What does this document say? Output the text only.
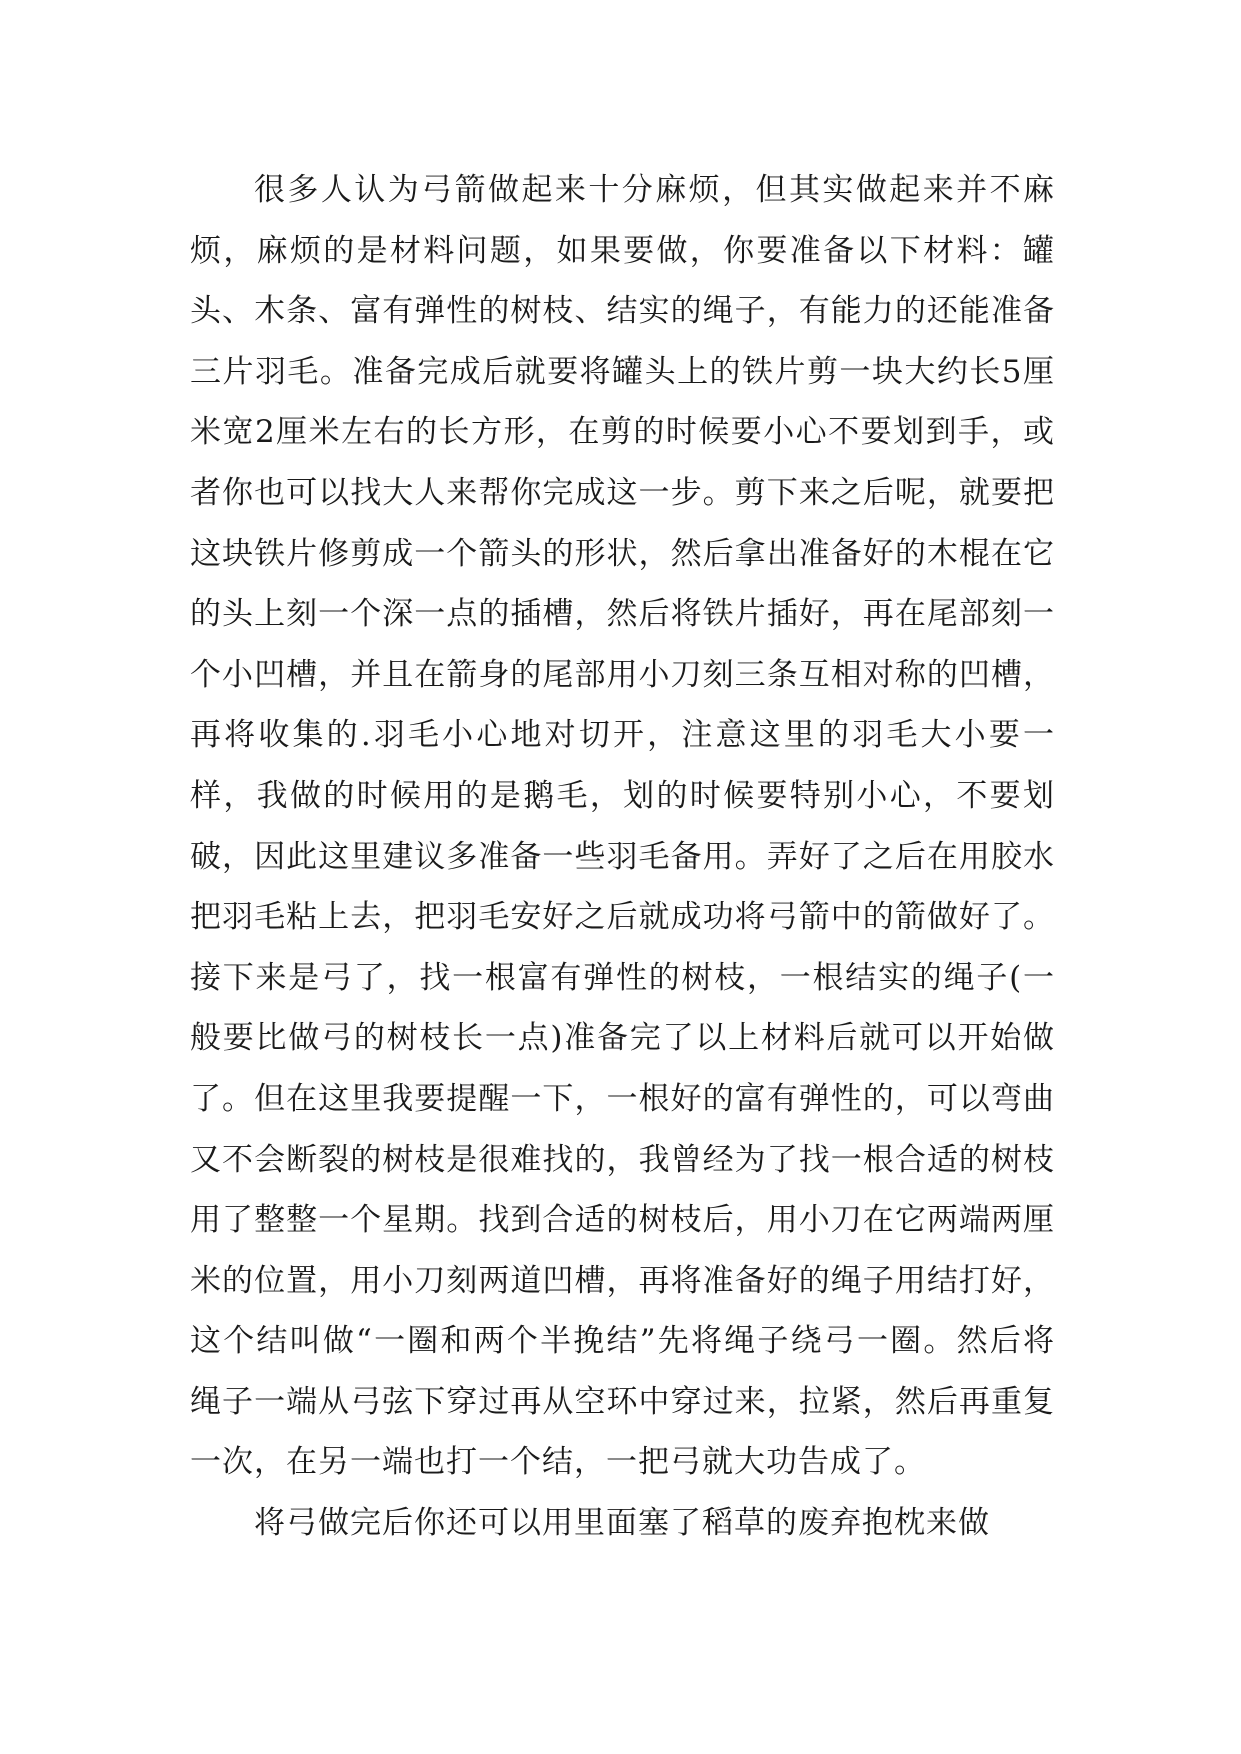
很多人认为弓箭做起来十分麻烦，但其实做起来并不麻烦，麻烦的是材料问题，如果要做，你要准备以下材料：罐头、木条、富有弹性的树枝、结实的绳子，有能力的还能准备三片羽毛。准备完成后就要将罐头上的铁片剪一块大约长5厘米宽2厘米左右的长方形，在剪的时候要小心不要划到手，或者你也可以找大人来帮你完成这一步。剪下来之后呢，就要把这块铁片修剪成一个箭头的形状，然后拿出准备好的木棍在它的头上刻一个深一点的插槽，然后将铁片插好，再在尾部刻一个小凹槽，并且在箭身的尾部用小刀刻三条互相对称的凹槽，再将收集的.羽毛小心地对切开，注意这里的羽毛大小要一样，我做的时候用的是鹅毛，划的时候要特别小心，不要划破，因此这里建议多准备一些羽毛备用。弄好了之后在用胶水把羽毛粘上去，把羽毛安好之后就成功将弓箭中的箭做好了。接下来是弓了，找一根富有弹性的树枝，一根结实的绳子(一般要比做弓的树枝长一点)准备完了以上材料后就可以开始做了。但在这里我要提醒一下，一根好的富有弹性的，可以弯曲又不会断裂的树枝是很难找的，我曾经为了找一根合适的树枝用了整整一个星期。找到合适的树枝后，用小刀在它两端两厘米的位置，用小刀刻两道凹槽，再将准备好的绳子用结打好，这个结叫做“一圈和两个半挽结”先将绳子绕弓一圈。然后将绳子一端从弓弦下穿过再从空环中穿过来，拉紧，然后再重复一次，在另一端也打一个结，一把弓就大功告成了。

将弓做完后你还可以用里面塞了稻草的废弃抱枕来做
